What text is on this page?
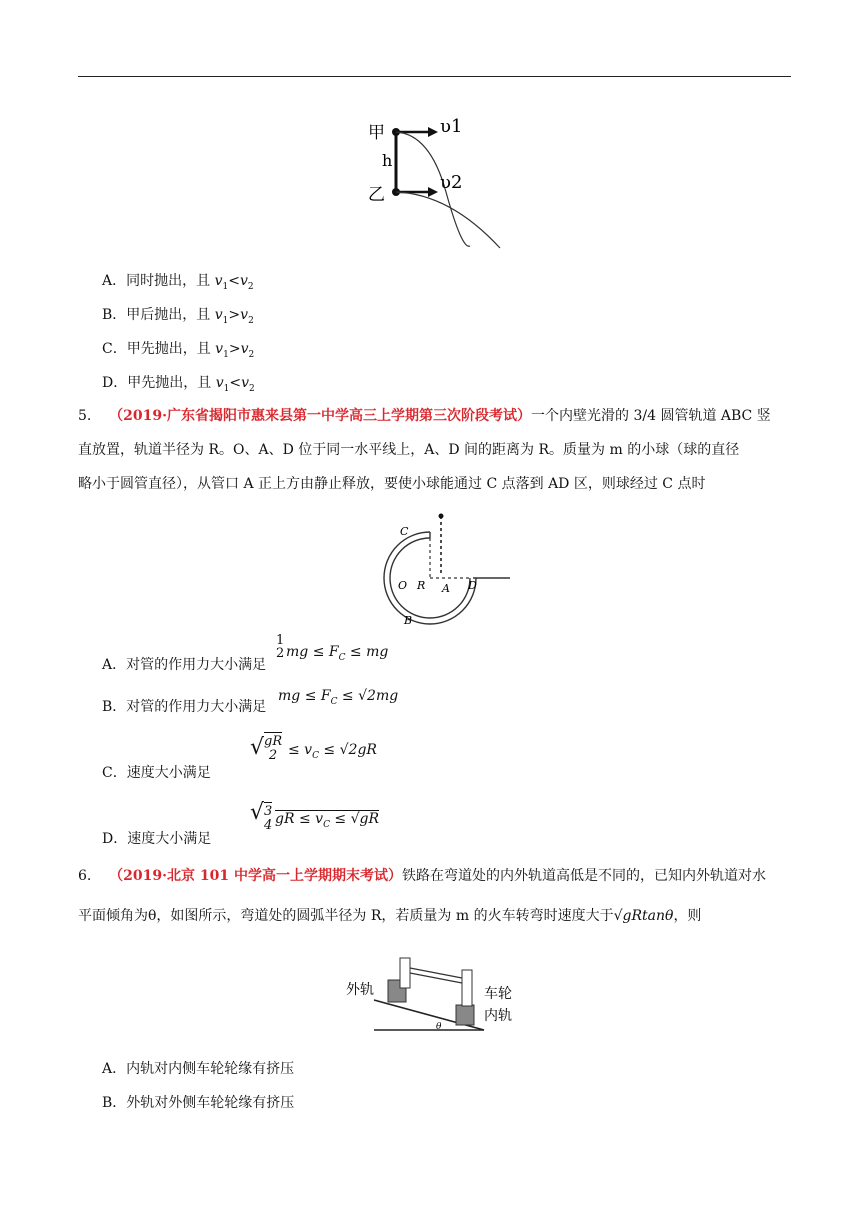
甲
h
乙
υ1
υ2
A．同时抛出，且 $v_1<v_2$
B．甲后抛出，且 $v_1>v_2$
C．甲先抛出，且 $v_1>v_2$
D．甲先抛出，且 $v_1<v_2$
5. （2019·广东省揭阳市惠来县第一中学高三上学期第三次阶段考试）一个内壁光滑的 3/4 圆管轨道 ABC 竖
直放置，轨道半径为 R。O、A、D 位于同一水平线上，A、D 间的距离为 R。质量为 m 的小球（球的直径
略小于圆管直径），从管口 A 正上方由静止释放，要使小球能通过 C 点落到 AD 区，则球经过 C 点时
C
O R A D
B
A．对管的作用力大小满足
1
2 mg ≤ $F_C$ ≤ mg
B．对管的作用力大小满足
mg ≤ $F_C \le √2mg$
C．速度大小满足
√ gR
$2 \le v_C \le √2gR$
D．速度大小满足
√ 3
4 gR ≤ $v_C \le √gR$
6. （2019·北京 101 中学高一上学期期末考试）铁路在弯道处的内外轨道高低是不同的，已知内外轨道对水
平面倾角为θ，如图所示，弯道处的圆弧半径为 R，若质量为 m 的火车转弯时速度大于√gRtanθ，则
外轨	车轮
内轨
θ
A．内轨对内侧车轮轮缘有挤压
B．外轨对外侧车轮轮缘有挤压
